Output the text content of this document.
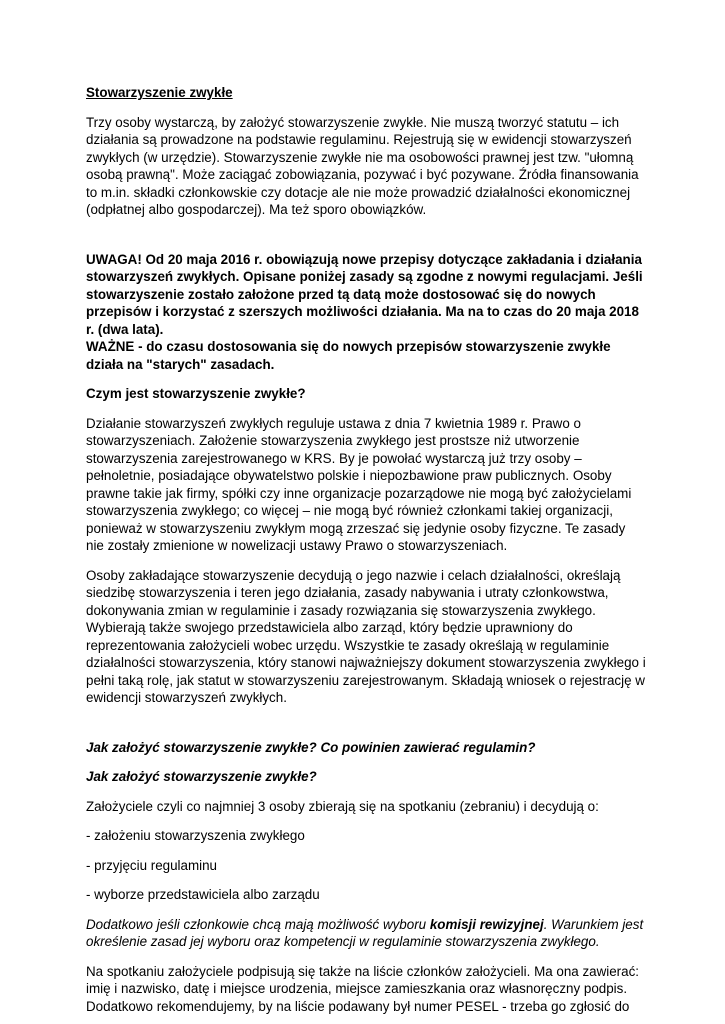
Stowarzyszenie zwykłe

Trzy osoby wystarczą, by założyć stowarzyszenie zwykłe. Nie muszą tworzyć statutu – ich działania są prowadzone na podstawie regulaminu. Rejestrują się w ewidencji stowarzyszeń zwykłych (w urzędzie). Stowarzyszenie zwykłe nie ma osobowości prawnej jest tzw. "ułomną osobą prawną". Może zaciągać zobowiązania, pozywać i być pozywane. Źródła finansowania to m.in. składki członkowskie czy dotacje ale nie może prowadzić działalności ekonomicznej (odpłatnej albo gospodarczej). Ma też sporo obowiązków.

UWAGA! Od 20 maja 2016 r. obowiązują nowe przepisy dotyczące zakładania i działania stowarzyszeń zwykłych. Opisane poniżej zasady są zgodne z nowymi regulacjami. Jeśli stowarzyszenie zostało założone przed tą datą może dostosować się do nowych przepisów i korzystać z szerszych możliwości działania. Ma na to czas do 20 maja 2018 r. (dwa lata).

WAŻNE - do czasu dostosowania się do nowych przepisów stowarzyszenie zwykłe działa na "starych" zasadach.

Czym jest stowarzyszenie zwykłe?

Działanie stowarzyszeń zwykłych reguluje ustawa z dnia 7 kwietnia 1989 r. Prawo o stowarzyszeniach. Założenie stowarzyszenia zwykłego jest prostsze niż utworzenie stowarzyszenia zarejestrowanego w KRS. By je powołać wystarczą już trzy osoby – pełnoletnie, posiadające obywatelstwo polskie i niepozbawione praw publicznych. Osoby prawne takie jak firmy, spółki czy inne organizacje pozarządowe nie mogą być założycielami stowarzyszenia zwykłego; co więcej – nie mogą być również członkami takiej organizacji, ponieważ w stowarzyszeniu zwykłym mogą zrzeszać się jedynie osoby fizyczne. Te zasady nie zostały zmienione w nowelizacji ustawy Prawo o stowarzyszeniach.

Osoby zakładające stowarzyszenie decydują o jego nazwie i celach działalności, określają siedzibę stowarzyszenia i teren jego działania, zasady nabywania i utraty członkowstwa, dokonywania zmian w regulaminie i zasady rozwiązania się stowarzyszenia zwykłego. Wybierają także swojego przedstawiciela albo zarząd, który będzie uprawniony do reprezentowania założycieli wobec urzędu. Wszystkie te zasady określają w regulaminie działalności stowarzyszenia, który stanowi najważniejszy dokument stowarzyszenia zwykłego i pełni taką rolę, jak statut w stowarzyszeniu zarejestrowanym. Składają wniosek o rejestrację w ewidencji stowarzyszeń zwykłych.

Jak założyć stowarzyszenie zwykłe? Co powinien zawierać regulamin?

Jak założyć stowarzyszenie zwykłe?

Założyciele czyli co najmniej 3 osoby zbierają się na spotkaniu (zebraniu) i decydują o:

- założeniu stowarzyszenia zwykłego

- przyjęciu regulaminu

- wyborze przedstawiciela albo zarządu

Dodatkowo jeśli członkowie chcą mają możliwość wyboru komisji rewizyjnej. Warunkiem jest określenie zasad jej wyboru oraz kompetencji w regulaminie stowarzyszenia zwykłego.

Na spotkaniu założyciele podpisują się także na liście członków założycieli. Ma ona zawierać: imię i nazwisko, datę i miejsce urodzenia, miejsce zamieszkania oraz własnoręczny podpis. Dodatkowo rekomendujemy, by na liście podawany był numer PESEL - trzeba go zgłosić do
